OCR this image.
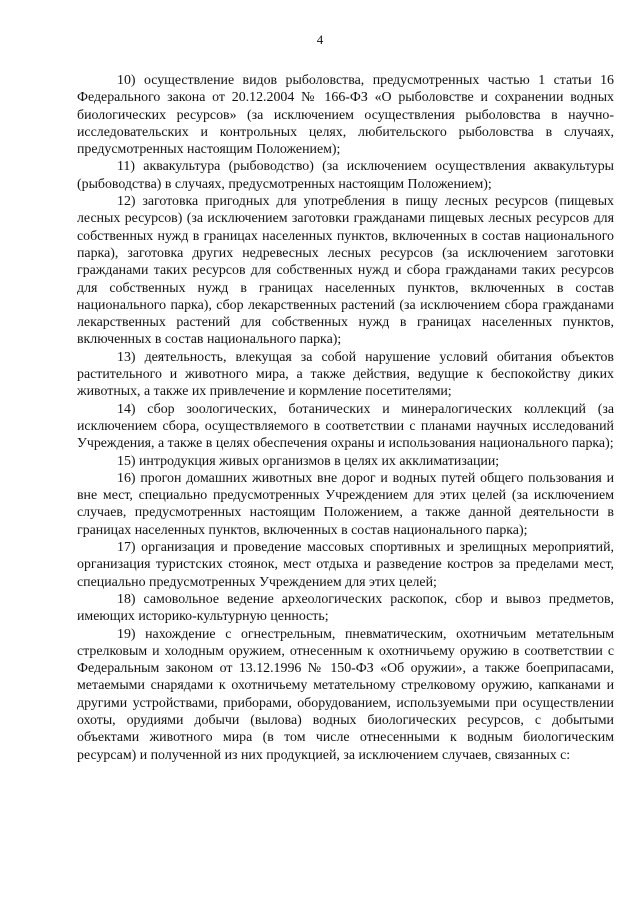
4

10) осуществление видов рыболовства, предусмотренных частью 1 статьи 16 Федерального закона от 20.12.2004 № 166-ФЗ «О рыболовстве и сохранении водных биологических ресурсов» (за исключением осуществления рыболовства в научно-исследовательских и контрольных целях, любительского рыболовства в случаях, предусмотренных настоящим Положением);

11) аквакультура (рыбоводство) (за исключением осуществления аквакультуры (рыбоводства) в случаях, предусмотренных настоящим Положением);

12) заготовка пригодных для употребления в пищу лесных ресурсов (пищевых лесных ресурсов) (за исключением заготовки гражданами пищевых лесных ресурсов для собственных нужд в границах населенных пунктов, включенных в состав национального парка), заготовка других недревесных лесных ресурсов (за исключением заготовки гражданами таких ресурсов для собственных нужд и сбора гражданами таких ресурсов для собственных нужд в границах населенных пунктов, включенных в состав национального парка), сбор лекарственных растений (за исключением сбора гражданами лекарственных растений для собственных нужд в границах населенных пунктов, включенных в состав национального парка);

13) деятельность, влекущая за собой нарушение условий обитания объектов растительного и животного мира, а также действия, ведущие к беспокойству диких животных, а также их привлечение и кормление посетителями;

14) сбор зоологических, ботанических и минералогических коллекций (за исключением сбора, осуществляемого в соответствии с планами научных исследований Учреждения, а также в целях обеспечения охраны и использования национального парка);

15) интродукция живых организмов в целях их акклиматизации;

16) прогон домашних животных вне дорог и водных путей общего пользования и вне мест, специально предусмотренных Учреждением для этих целей (за исключением случаев, предусмотренных настоящим Положением, а также данной деятельности в границах населенных пунктов, включенных в состав национального парка);

17) организация и проведение массовых спортивных и зрелищных мероприятий, организация туристских стоянок, мест отдыха и разведение костров за пределами мест, специально предусмотренных Учреждением для этих целей;

18) самовольное ведение археологических раскопок, сбор и вывоз предметов, имеющих историко-культурную ценность;

19) нахождение с огнестрельным, пневматическим, охотничьим метательным стрелковым и холодным оружием, отнесенным к охотничьему оружию в соответствии с Федеральным законом от 13.12.1996 № 150-ФЗ «Об оружии», а также боеприпасами, метаемыми снарядами к охотничьему метательному стрелковому оружию, капканами и другими устройствами, приборами, оборудованием, используемыми при осуществлении охоты, орудиями добычи (вылова) водных биологических ресурсов, с добытыми объектами животного мира (в том числе отнесенными к водным биологическим ресурсам) и полученной из них продукцией, за исключением случаев, связанных с:
